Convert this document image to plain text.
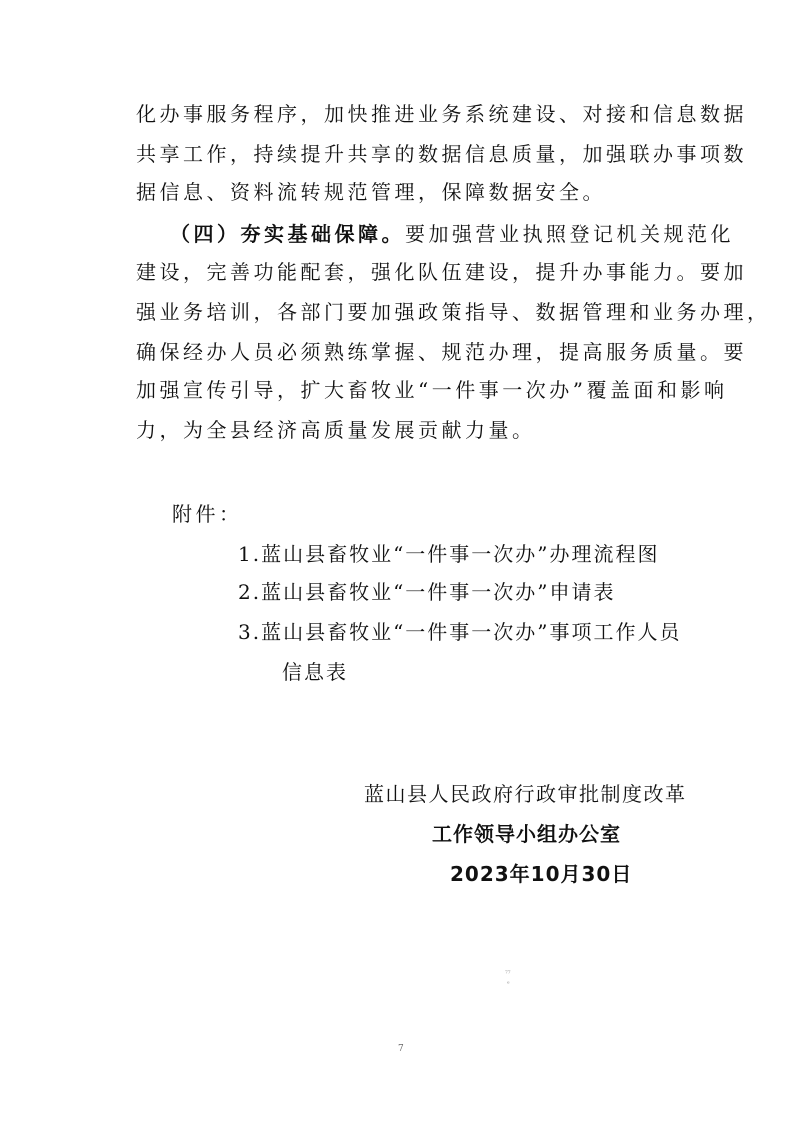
化办事服务程序，加快推进业务系统建设、对接和信息数据
共享工作，持续提升共享的数据信息质量，加强联办事项数
据信息、资料流转规范管理，保障数据安全。
（四）夯实基础保障。要加强营业执照登记机关规范化
建设，完善功能配套，强化队伍建设，提升办事能力。要加
强业务培训，各部门要加强政策指导、数据管理和业务办理，
确保经办人员必须熟练掌握、规范办理，提高服务质量。要
加强宣传引导，扩大畜牧业“一件事一次办”覆盖面和影响
力，为全县经济高质量发展贡献力量。
附件：
1.蓝山县畜牧业“一件事一次办”办理流程图
2.蓝山县畜牧业“一件事一次办”申请表
3.蓝山县畜牧业“一件事一次办”事项工作人员
信息表
蓝山县人民政府行政审批制度改革
工作领导小组办公室
2023年10月30日
⁷⁷
ᵉ
7
